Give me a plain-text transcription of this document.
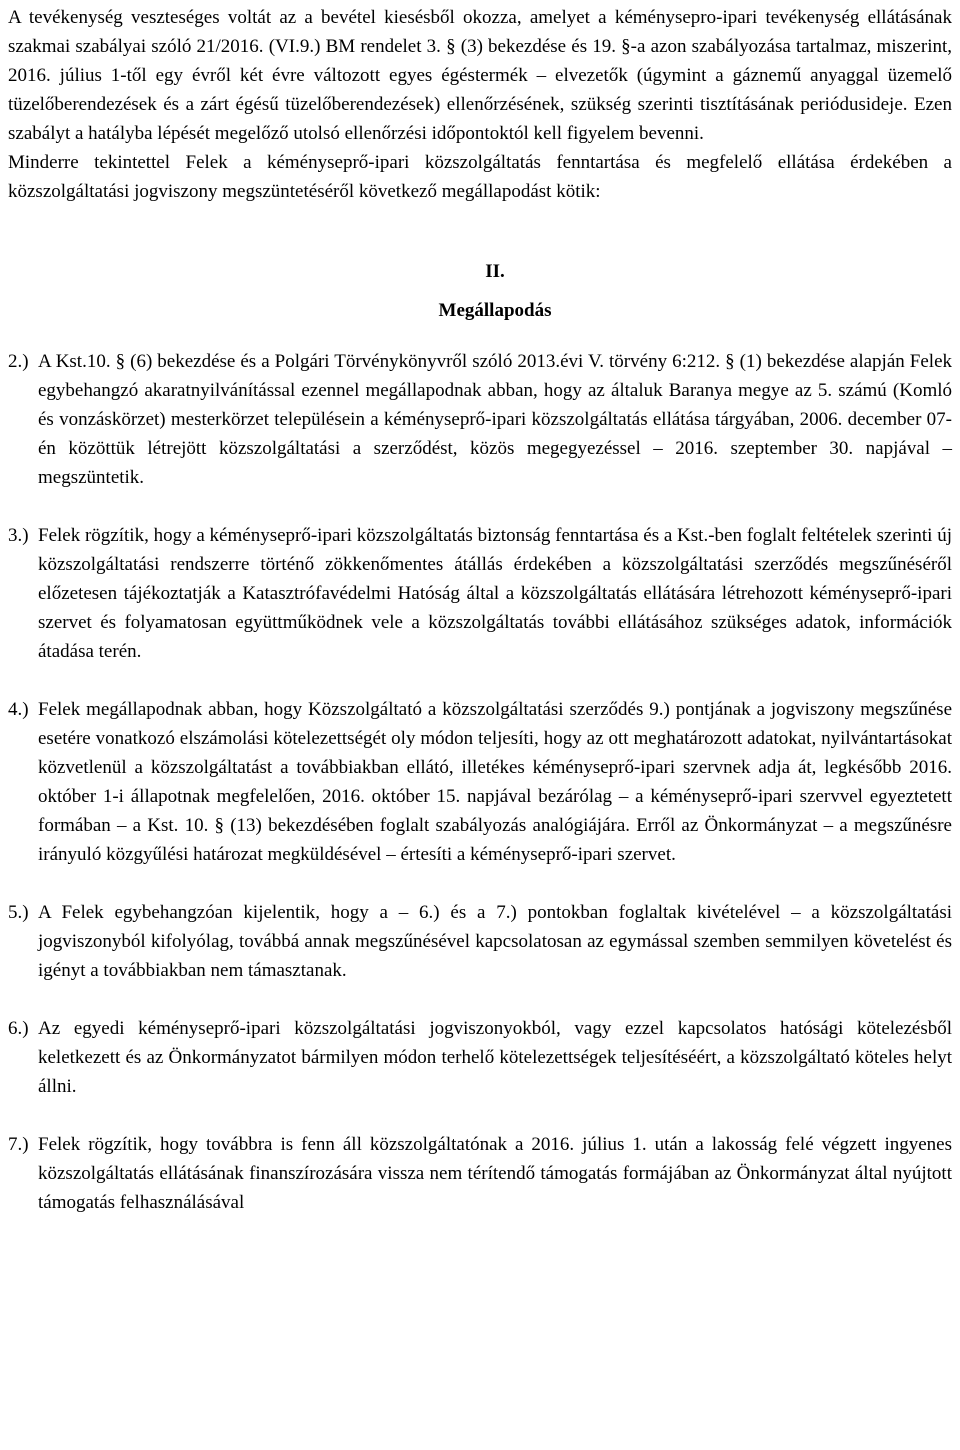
A tevékenység veszteséges voltát az a bevétel kiesésből okozza, amelyet a kéménysepro-ipari tevékenység ellátásának szakmai szabályai szóló 21/2016. (VI.9.) BM rendelet 3. § (3) bekezdése és 19. §-a azon szabályozása tartalmaz, miszerint, 2016. július 1-től egy évről két évre változott egyes égéstermék – elvezetők (úgymint a gáznemű anyaggal üzemelő tüzelőberendezések és a zárt égésű tüzelőberendezések) ellenőrzésének, szükség szerinti tisztításának periódusideje. Ezen szabályt a hatályba lépését megelőző utolsó ellenőrzési időpontoktól kell figyelem bevenni.

Minderre tekintettel Felek a kéményseprő-ipari közszolgáltatás fenntartása és megfelelő ellátása érdekében a közszolgáltatási jogviszony megszüntetéséről következő megállapodást kötik:

II.
Megállapodás
2.) A Kst.10. § (6) bekezdése és a Polgári Törvénykönyvről szóló 2013.évi V. törvény 6:212. § (1) bekezdése alapján Felek egybehangzó akaratnyilvánítással ezennel megállapodnak abban, hogy az általuk Baranya megye az 5. számú (Komló és vonzáskörzet) mesterkörzet településein a kéményseprő-ipari közszolgáltatás ellátása tárgyában, 2006. december 07-én közöttük létrejött közszolgáltatási a szerződést, közös megegyezéssel – 2016. szeptember 30. napjával – megszüntetik.
3.) Felek rögzítik, hogy a kéményseprő-ipari közszolgáltatás biztonság fenntartása és a Kst.-ben foglalt feltételek szerinti új közszolgáltatási rendszerre történő zökkenőmentes átállás érdekében a közszolgáltatási szerződés megszűnéséről előzetesen tájékoztatják a Katasztrófavédelmi Hatóság által a közszolgáltatás ellátására létrehozott kéményseprő-ipari szervet és folyamatosan együttműködnek vele a közszolgáltatás további ellátásához szükséges adatok, információk átadása terén.
4.) Felek megállapodnak abban, hogy Közszolgáltató a közszolgáltatási szerződés 9.) pontjának a jogviszony megszűnése esetére vonatkozó elszámolási kötelezettségét oly módon teljesíti, hogy az ott meghatározott adatokat, nyilvántartásokat közvetlenül a közszolgáltatást a továbbiakban ellátó, illetékes kéményseprő-ipari szervnek adja át, legkésőbb 2016. október 1-i állapotnak megfelelően, 2016. október 15. napjával bezárólag – a kéményseprő-ipari szervvel egyeztetett formában – a Kst. 10. § (13) bekezdésében foglalt szabályozás analógiájára. Erről az Önkormányzat – a megszűnésre irányuló közgyűlési határozat megküldésével – értesíti a kéményseprő-ipari szervet.
5.) A Felek egybehangzóan kijelentik, hogy a – 6.) és a 7.) pontokban foglaltak kivételével – a közszolgáltatási jogviszonyból kifolyólag, továbbá annak megszűnésével kapcsolatosan az egymással szemben semmilyen követelést és igényt a továbbiakban nem támasztanak.
6.) Az egyedi kéményseprő-ipari közszolgáltatási jogviszonyokból, vagy ezzel kapcsolatos hatósági kötelezésből keletkezett és az Önkormányzatot bármilyen módon terhelő kötelezettségek teljesítéséért, a közszolgáltató köteles helyt állni.
7.) Felek rögzítik, hogy továbbra is fenn áll közszolgáltatónak a 2016. július 1. után a lakosság felé végzett ingyenes közszolgáltatás ellátásának finanszírozására vissza nem térítendő támogatás formájában az Önkormányzat által nyújtott támogatás felhasználásával
